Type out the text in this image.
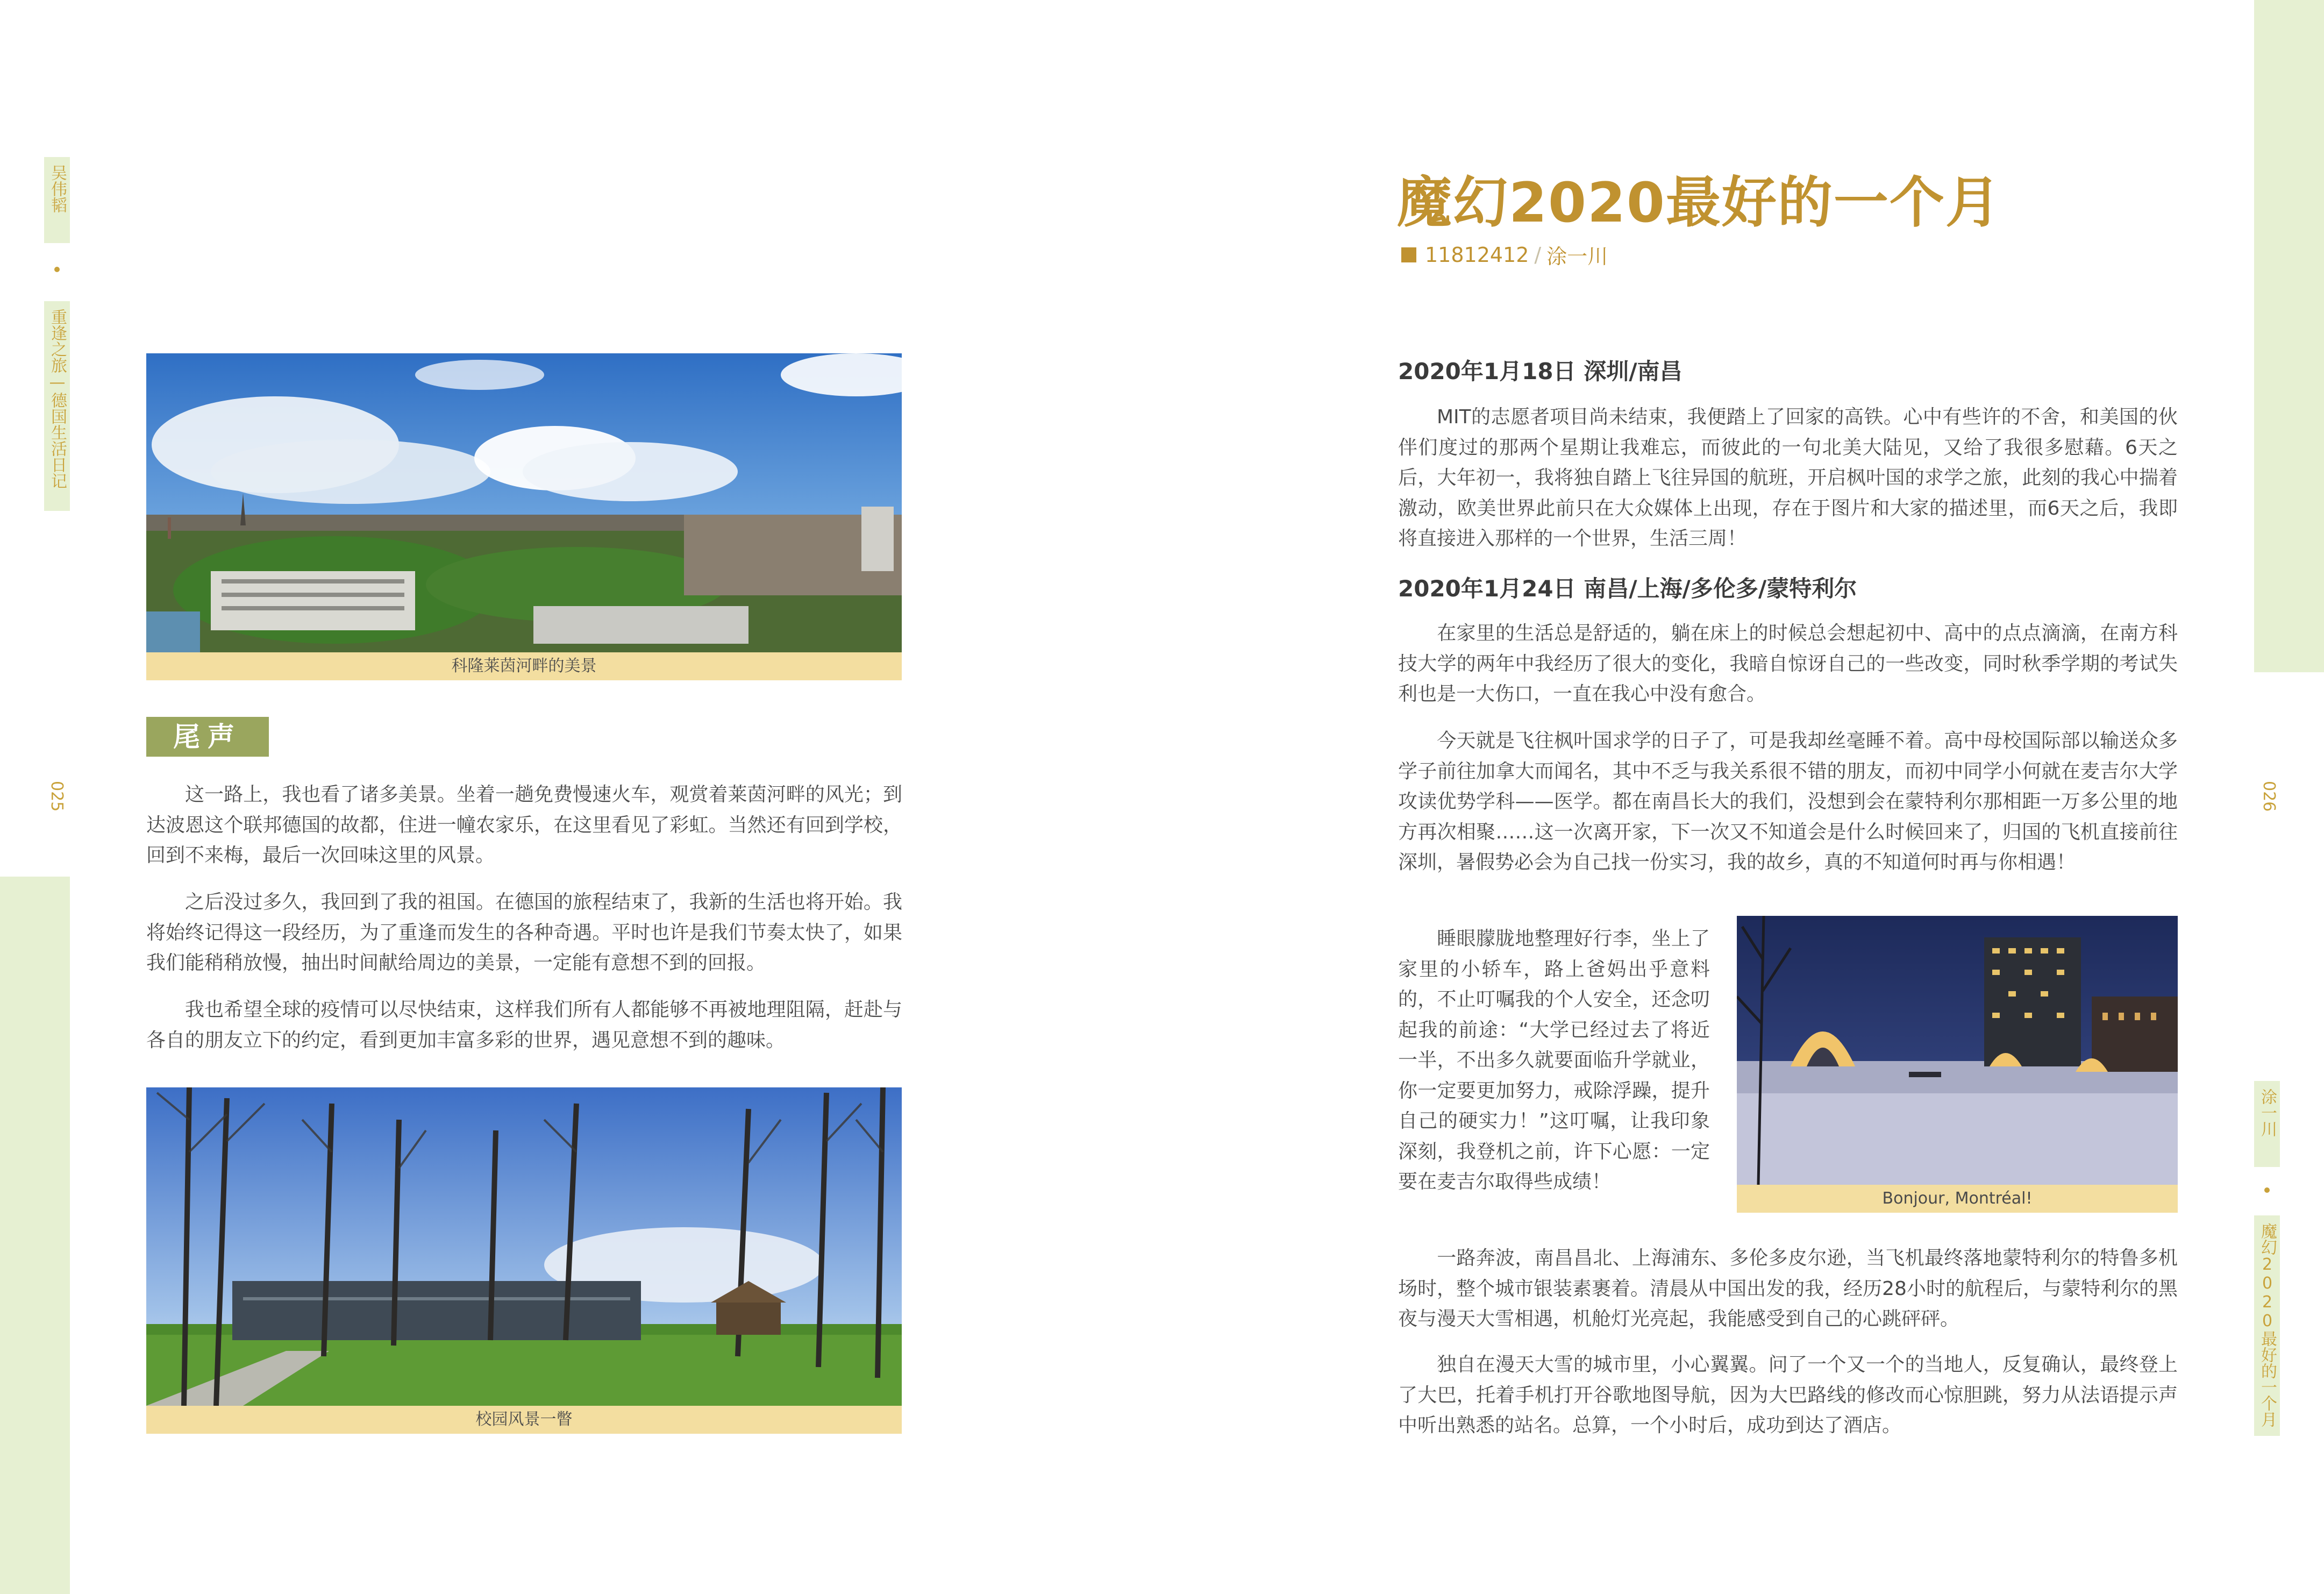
吴伟韬
重逢之旅—德国生活日记
025	026
涂一川
魔幻2020最好的一个月
科隆莱茵河畔的美景
尾声

这一路上，我也看了诸多美景。坐着一趟免费慢速火车，观赏着莱茵河畔的风光；到达波恩这个联邦德国的故都，住进一幢农家乐，在这里看见了彩虹。当然还有回到学校，回到不来梅，最后一次回味这里的风景。

之后没过多久，我回到了我的祖国。在德国的旅程结束了，我新的生活也将开始。我将始终记得这一段经历，为了重逢而发生的各种奇遇。平时也许是我们节奏太快了，如果我们能稍稍放慢，抽出时间献给周边的美景，一定能有意想不到的回报。

我也希望全球的疫情可以尽快结束，这样我们所有人都能够不再被地理阻隔，赶赴与各自的朋友立下的约定，看到更加丰富多彩的世界，遇见意想不到的趣味。

校园风景一瞥
魔幻2020最好的一个月
11812412 / 涂一川
2020年1月18日 深圳/南昌

MIT的志愿者项目尚未结束，我便踏上了回家的高铁。心中有些许的不舍，和美国的伙伴们度过的那两个星期让我难忘，而彼此的一句北美大陆见，又给了我很多慰藉。6天之后，大年初一，我将独自踏上飞往异国的航班，开启枫叶国的求学之旅，此刻的我心中揣着激动，欧美世界此前只在大众媒体上出现，存在于图片和大家的描述里，而6天之后，我即将直接进入那样的一个世界，生活三周！

2020年1月24日 南昌/上海/多伦多/蒙特利尔

在家里的生活总是舒适的，躺在床上的时候总会想起初中、高中的点点滴滴，在南方科技大学的两年中我经历了很大的变化，我暗自惊讶自己的一些改变，同时秋季学期的考试失利也是一大伤口，一直在我心中没有愈合。

今天就是飞往枫叶国求学的日子了，可是我却丝毫睡不着。高中母校国际部以输送众多学子前往加拿大而闻名，其中不乏与我关系很不错的朋友，而初中同学小何就在麦吉尔大学攻读优势学科——医学。都在南昌长大的我们，没想到会在蒙特利尔那相距一万多公里的地方再次相聚……这一次离开家，下一次又不知道会是什么时候回来了，归国的飞机直接前往深圳，暑假势必会为自己找一份实习，我的故乡，真的不知道何时再与你相遇！

睡眼朦胧地整理好行李，坐上了家里的小轿车，路上爸妈出乎意料的，不止叮嘱我的个人安全，还念叨起我的前途：“大学已经过去了将近一半，不出多久就要面临升学就业，你一定要更加努力，戒除浮躁，提升自己的硬实力！”这叮嘱，让我印象深刻，我登机之前，许下心愿：一定要在麦吉尔取得些成绩！

Bonjour, Montréal!

一路奔波，南昌昌北、上海浦东、多伦多皮尔逊，当飞机最终落地蒙特利尔的特鲁多机场时，整个城市银装素裹着。清晨从中国出发的我，经历28小时的航程后，与蒙特利尔的黑夜与漫天大雪相遇，机舱灯光亮起，我能感受到自己的心跳砰砰。

独自在漫天大雪的城市里，小心翼翼。问了一个又一个的当地人，反复确认，最终登上了大巴，托着手机打开谷歌地图导航，因为大巴路线的修改而心惊胆跳，努力从法语提示声中听出熟悉的站名。总算，一个小时后，成功到达了酒店。
